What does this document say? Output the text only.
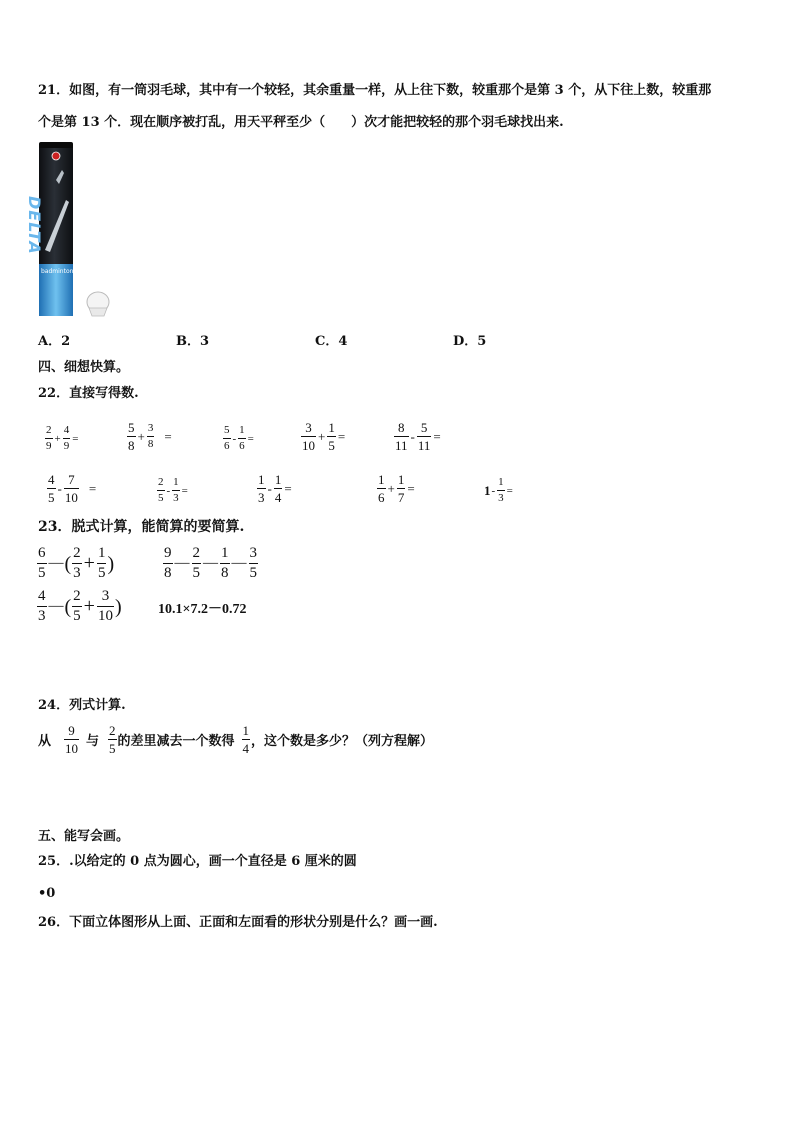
21．如图，有一筒羽毛球，其中有一个较轻，其余重量一样，从上往下数，较重那个是第 3 个，从下往上数，较重那
个是第 13 个．现在顺序被打乱，用天平秤至少（　　）次才能把较轻的那个羽毛球找出来.
DELTA
badminton
A．2	B．3	C．4	D．5
四、细想快算。
22．直接写得数.
$\frac{2}{9} + \frac{4}{9}$ =	$\frac{5}{8} + \frac{3}{8}$ =	$\frac{5}{6} - \frac{1}{6}$ =	$\frac{3}{10} + \frac{1}{5}$ =	$\frac{8}{11} - \frac{5}{11}$ =
$\frac{4}{5} - \frac{7}{10}$ =	$\frac{2}{5} - \frac{1}{3}$ =	$\frac{1}{3} - \frac{1}{4}$ =	$\frac{1}{6} + \frac{1}{7}$ =	$1 - \frac{1}{3}$ =
23．脱式计算，能简算的要简算.
$\frac{6}{5}$ — ( $\frac{2}{3} + \frac{1}{5}$ )	$\frac{9}{8}$ — $\frac{2}{5}$ — $\frac{1}{8}$ — $\frac{3}{5}$
$\frac{4}{3}$ — ( $\frac{2}{5} + \frac{3}{10}$ )	10.1×7.2－0.72
24．列式计算.
从 $\frac{9}{10}$ 与 $\frac{2}{5}$ 的差里减去一个数得 $\frac{1}{4}$ ，这个数是多少？（列方程解）
五、能写会画。
25．.以给定的 0 点为圆心，画一个直径是 6 厘米的圆
•0
26．下面立体图形从上面、正面和左面看的形状分别是什么？画一画.
